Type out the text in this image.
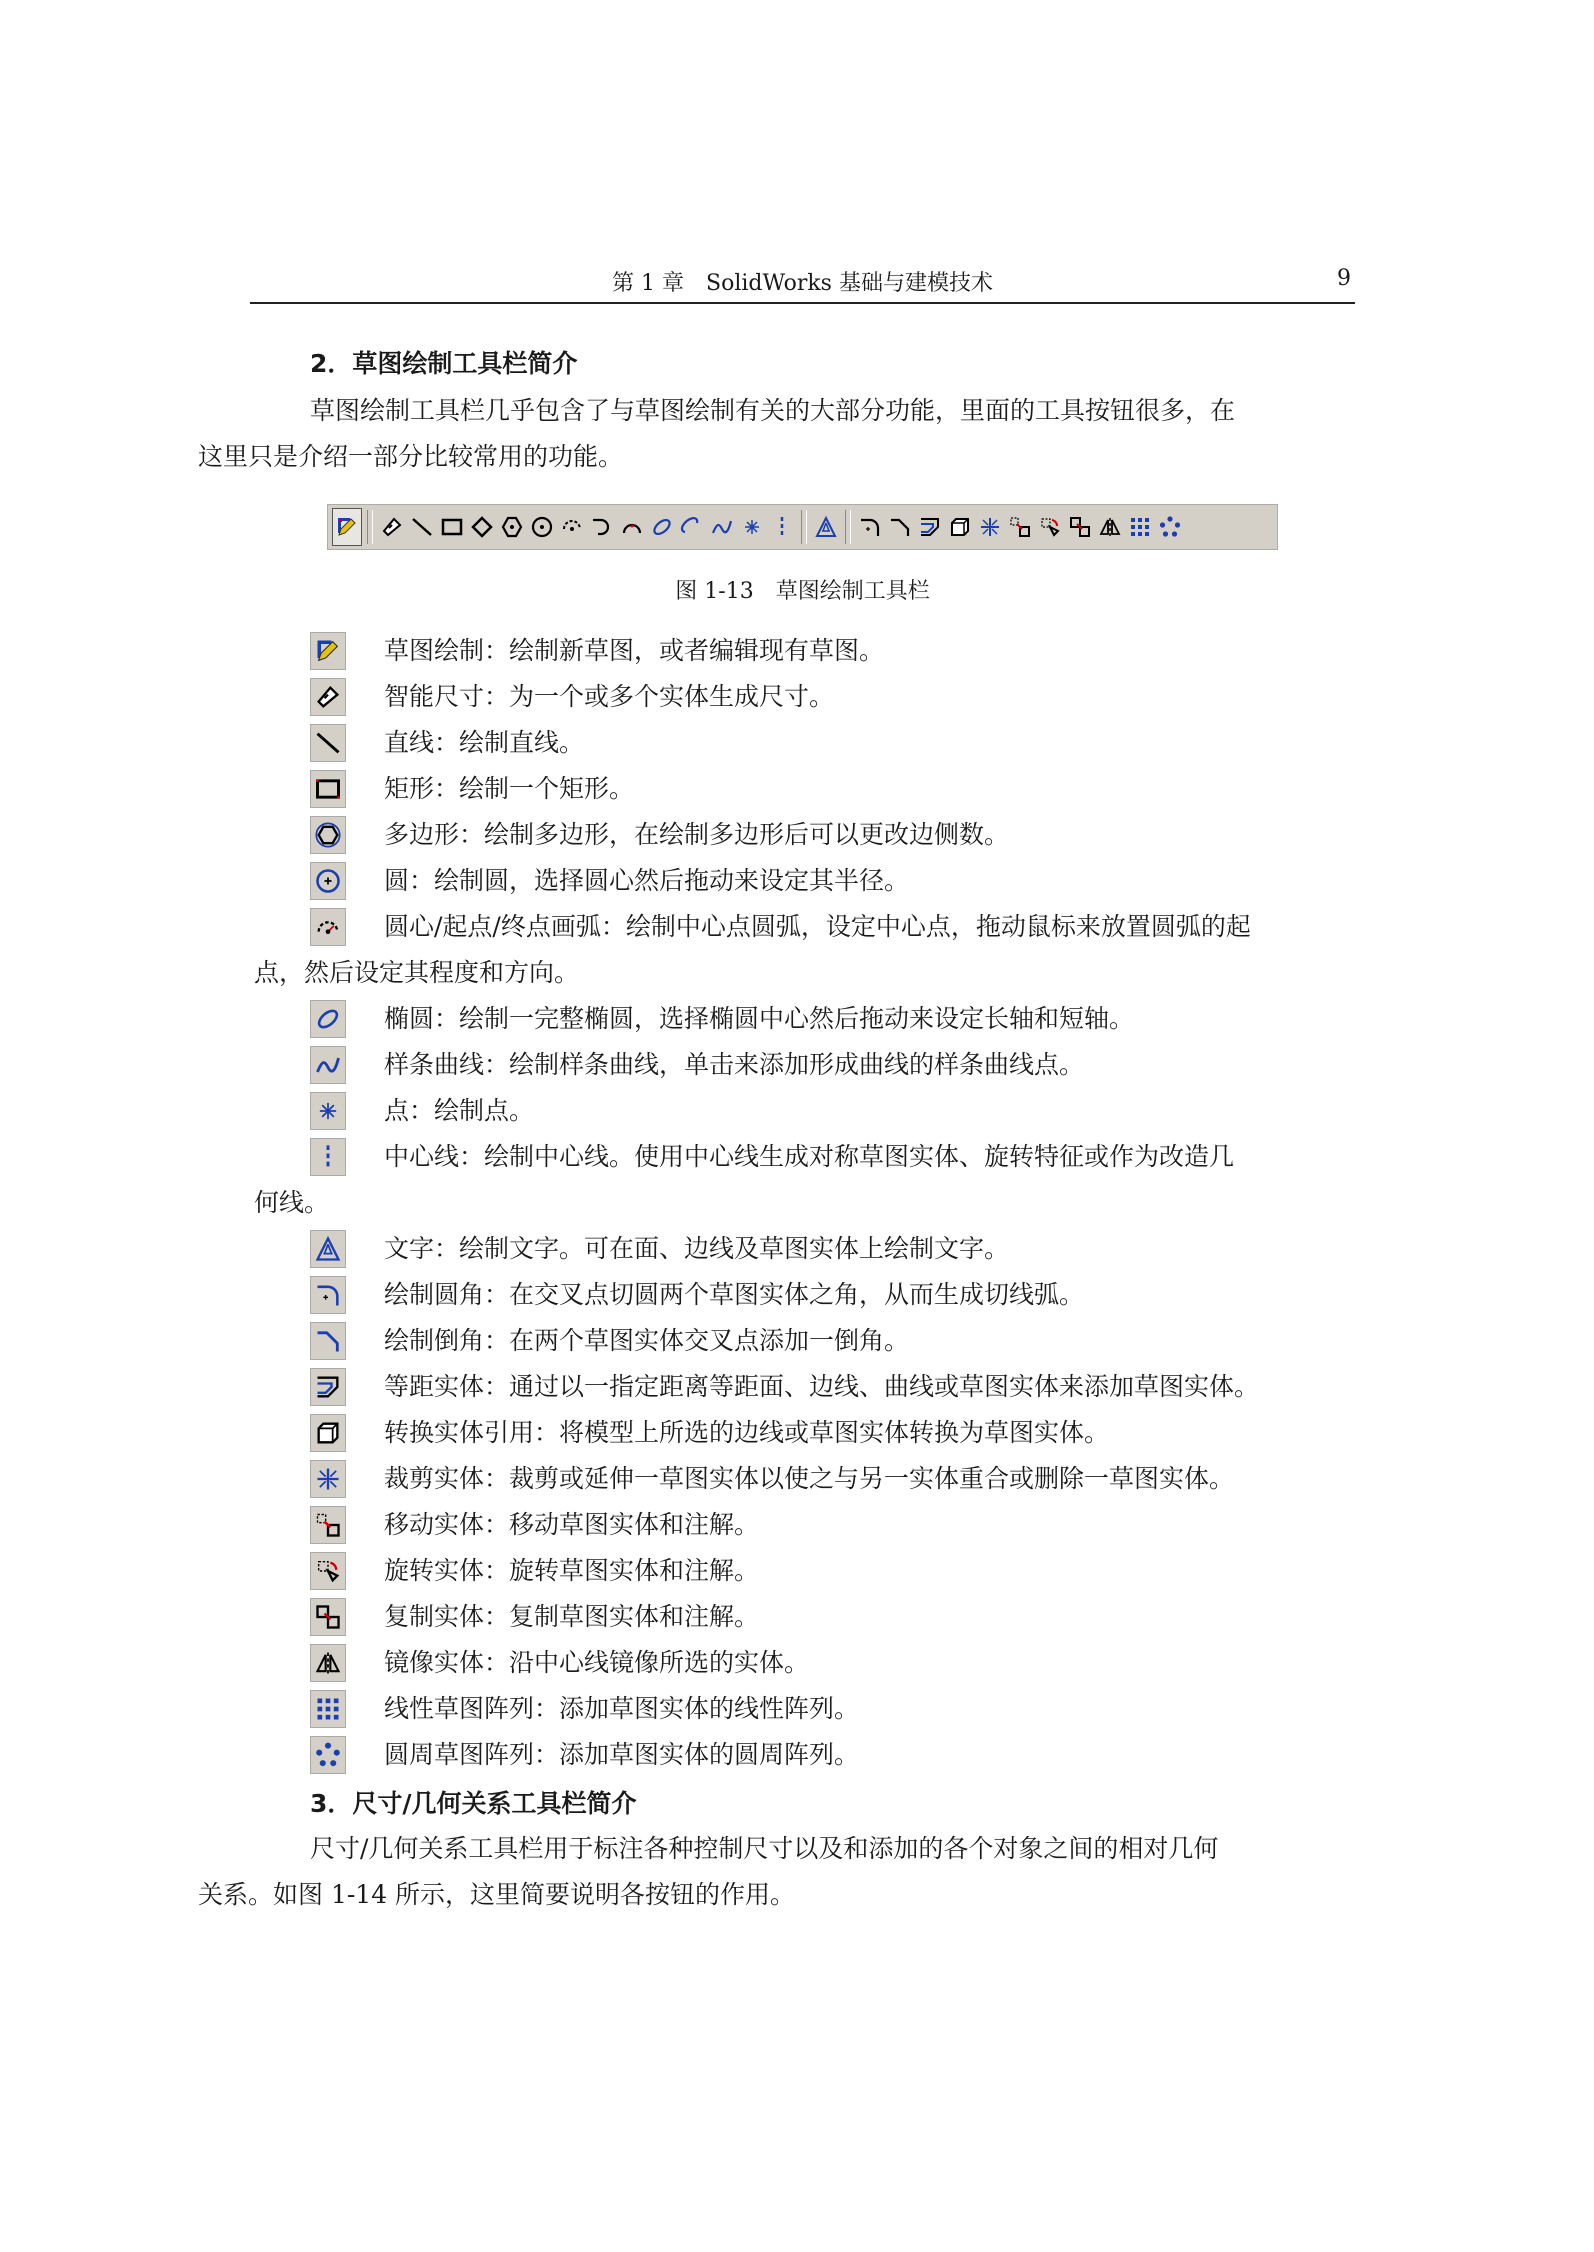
第 1 章　SolidWorks 基础与建模技术	9
2．草图绘制工具栏简介

草图绘制工具栏几乎包含了与草图绘制有关的大部分功能，里面的工具按钮很多，在
这里只是介绍一部分比较常用的功能。

图 1-13　草图绘制工具栏

草图绘制：绘制新草图，或者编辑现有草图。

智能尺寸：为一个或多个实体生成尺寸。

直线：绘制直线。

矩形：绘制一个矩形。

多边形：绘制多边形，在绘制多边形后可以更改边侧数。

圆：绘制圆，选择圆心然后拖动来设定其半径。

圆心/起点/终点画弧：绘制中心点圆弧，设定中心点，拖动鼠标来放置圆弧的起

点，然后设定其程度和方向。

椭圆：绘制一完整椭圆，选择椭圆中心然后拖动来设定长轴和短轴。

样条曲线：绘制样条曲线，单击来添加形成曲线的样条曲线点。

点：绘制点。

中心线：绘制中心线。使用中心线生成对称草图实体、旋转特征或作为改造几

何线。

文字：绘制文字。可在面、边线及草图实体上绘制文字。

绘制圆角：在交叉点切圆两个草图实体之角，从而生成切线弧。

绘制倒角：在两个草图实体交叉点添加一倒角。

等距实体：通过以一指定距离等距面、边线、曲线或草图实体来添加草图实体。

转换实体引用：将模型上所选的边线或草图实体转换为草图实体。

裁剪实体：裁剪或延伸一草图实体以使之与另一实体重合或删除一草图实体。

移动实体：移动草图实体和注解。

旋转实体：旋转草图实体和注解。

复制实体：复制草图实体和注解。

镜像实体：沿中心线镜像所选的实体。

线性草图阵列：添加草图实体的线性阵列。

圆周草图阵列：添加草图实体的圆周阵列。

3．尺寸/几何关系工具栏简介

尺寸/几何关系工具栏用于标注各种控制尺寸以及和添加的各个对象之间的相对几何
关系。如图 1-14 所示，这里简要说明各按钮的作用。
